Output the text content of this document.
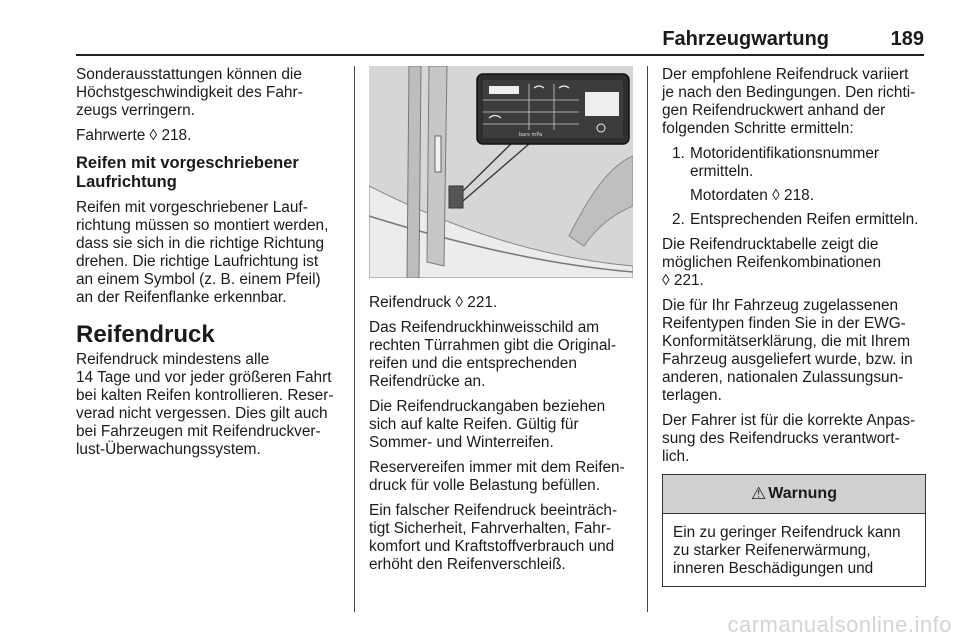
Fahrzeugwartung	189

Sonderausstattungen können die
Höchstgeschwindigkeit des Fahr-
zeugs verringern.

Fahrwerte ◊ 218.

Reifen mit vorgeschriebener
Laufrichtung

Reifen mit vorgeschriebener Lauf-
richtung müssen so montiert werden,
dass sie sich in die richtige Richtung
drehen. Die richtige Laufrichtung ist
an einem Symbol (z. B. einem Pfeil)
an der Reifenflanke erkennbar.

Reifendruck

Reifendruck mindestens alle
14 Tage und vor jeder größeren Fahrt
bei kalten Reifen kontrollieren. Reser-
verad nicht vergessen. Dies gilt auch
bei Fahrzeugen mit Reifendruckver-
lust-Überwachungssystem.

bars mPa

Reifendruck ◊ 221.

Das Reifendruckhinweisschild am
rechten Türrahmen gibt die Original-
reifen und die entsprechenden
Reifendrücke an.

Die Reifendruckangaben beziehen
sich auf kalte Reifen. Gültig für
Sommer- und Winterreifen.

Reservereifen immer mit dem Reifen-
druck für volle Belastung befüllen.

Ein falscher Reifendruck beeinträch-
tigt Sicherheit, Fahrverhalten, Fahr-
komfort und Kraftstoffverbrauch und
erhöht den Reifenverschleiß.

Der empfohlene Reifendruck variiert
je nach den Bedingungen. Den richti-
gen Reifendruckwert anhand der
folgenden Schritte ermitteln:

1. Motoridentifikationsnummer
ermitteln.
Motordaten ◊ 218.
2. Entsprechenden Reifen ermitteln.

Die Reifendrucktabelle zeigt die
möglichen Reifenkombinationen
◊ 221.

Die für Ihr Fahrzeug zugelassenen
Reifentypen finden Sie in der EWG-
Konformitätserklärung, die mit Ihrem
Fahrzeug ausgeliefert wurde, bzw. in
anderen, nationalen Zulassungsun-
terlagen.

Der Fahrer ist für die korrekte Anpas-
sung des Reifendrucks verantwort-
lich.

⚠ Warnung
Ein zu geringer Reifendruck kann
zu starker Reifenerwärmung,
inneren Beschädigungen und
carmanualsonline.info
